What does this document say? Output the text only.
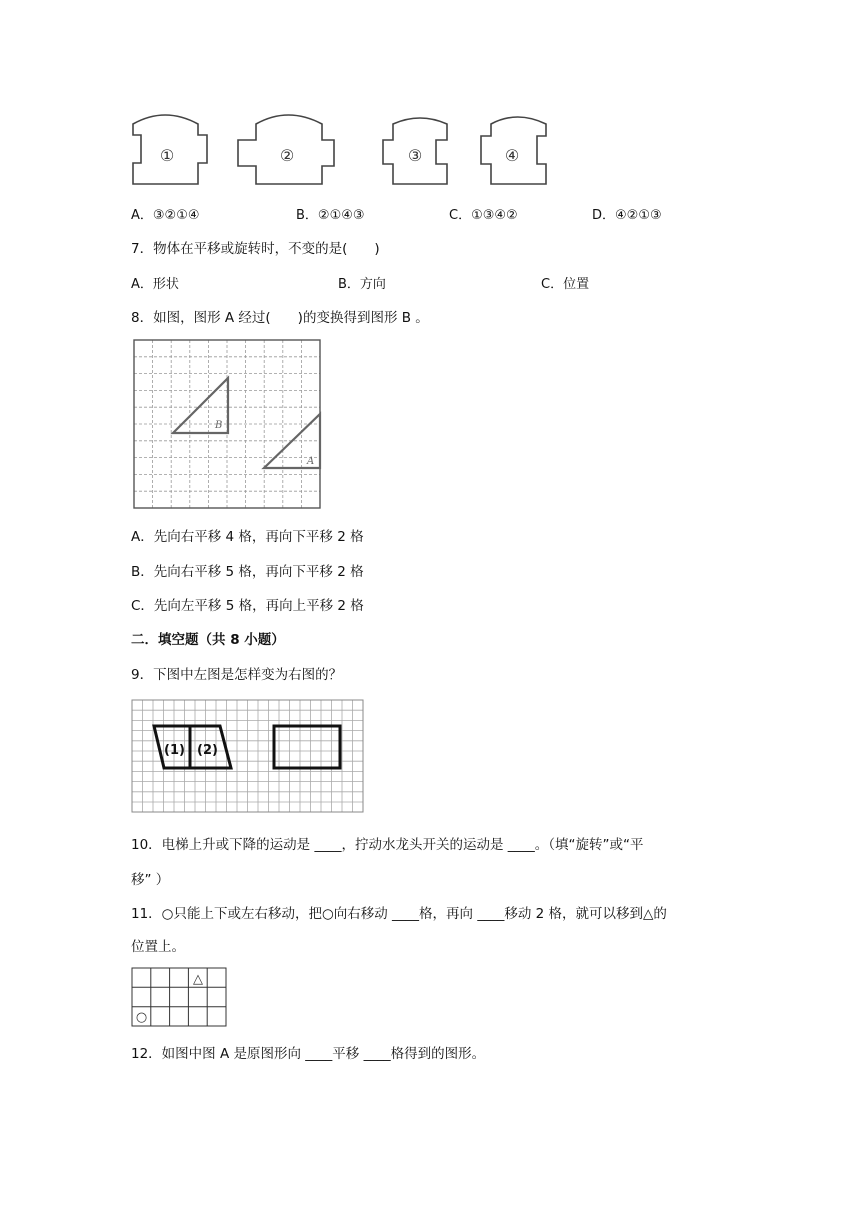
①	②	③	④
A．③②①④	B．②①④③	C．①③④②	D．④②①③
7．物体在平移或旋转时，不变的是(　　)
A．形状	B．方向	C．位置
8．如图，图形 A 经过(　　)的变换得到图形 B 。
B
A
A．先向右平移 4 格，再向下平移 2 格
B．先向右平移 5 格，再向下平移 2 格
C．先向左平移 5 格，再向上平移 2 格
二．填空题（共 8 小题）
9．下图中左图是怎样变为右图的？
(1) (2)
10．电梯上升或下降的运动是 ____，拧动水龙头开关的运动是 ____。（填“旋转”或“平
移” ）
11．○只能上下或左右移动，把○向右移动 ____格，再向 ____移动 2 格，就可以移到△的
位置上。
△
○
12．如图中图 A 是原图形向 ____平移 ____格得到的图形。
